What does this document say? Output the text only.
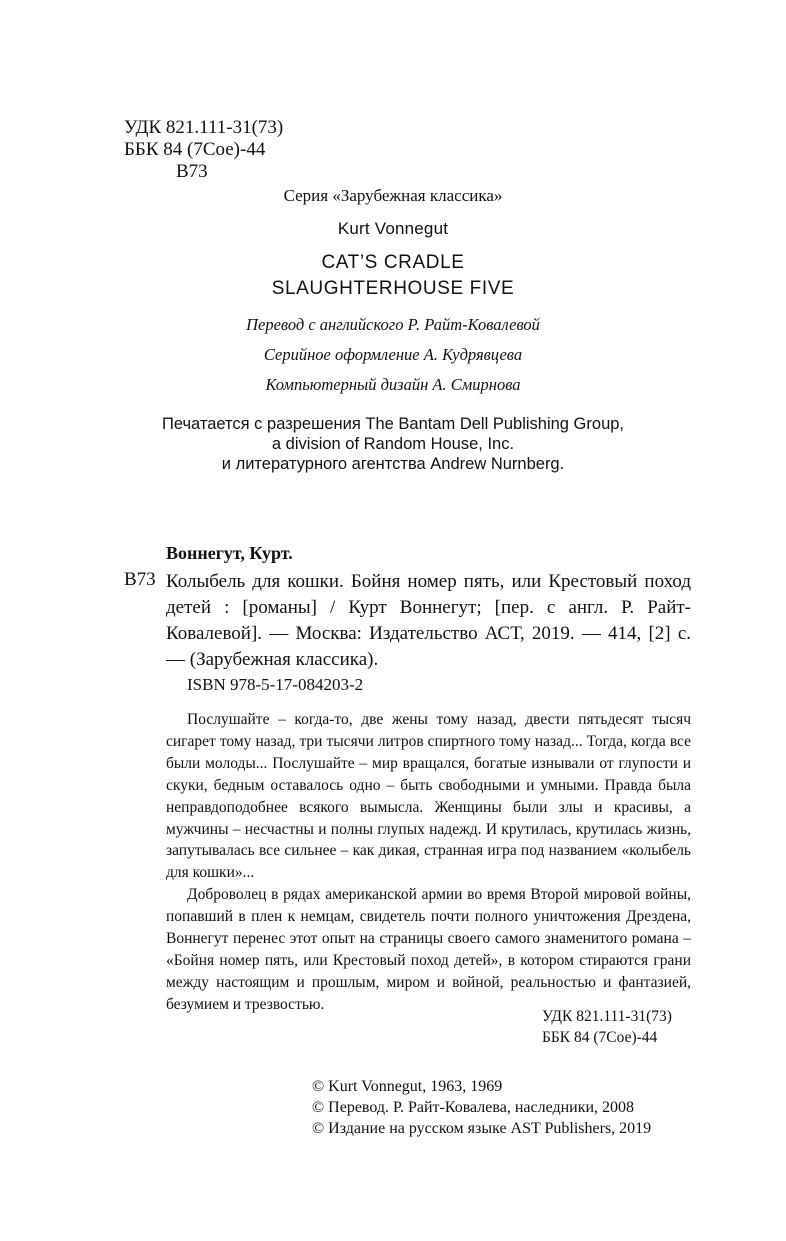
УДК 821.111-31(73)
ББК 84 (7Сое)-44
В73
Серия «Зарубежная классика»
Kurt Vonnegut
CAT’S CRADLE
SLAUGHTERHOUSE FIVE
Перевод с английского Р. Райт-Ковалевой
Серийное оформление А. Кудрявцева
Компьютерный дизайн А. Смирнова
Печатается с разрешения The Bantam Dell Publishing Group,
a division of Random House, Inc.
и литературного агентства Andrew Nurnberg.
Воннегут, Курт.
В73 Колыбель для кошки. Бойня номер пять, или Крестовый поход детей : [романы] / Курт Воннегут; [пер. с англ. Р. Райт-Ковалевой]. — Москва: Издательство АСТ, 2019. — 414, [2] с. — (Зарубежная классика).
ISBN 978-5-17-084203-2

Послушайте – когда-то, две жены тому назад, двести пятьдесят тысяч сигарет тому назад, три тысячи литров спиртного тому назад... Тогда, когда все были молоды... Послушайте – мир вращался, богатые изнывали от глупости и скуки, бедным оставалось одно – быть свободными и умными. Правда была неправдоподобнее всякого вымысла. Женщины были злы и красивы, а мужчины – несчастны и полны глупых надежд. И крутилась, крутилась жизнь, запутывалась все сильнее – как дикая, странная игра под названием «колыбель для кошки»...

Доброволец в рядах американской армии во время Второй мировой войны, попавший в плен к немцам, свидетель почти полного уничтожения Дрездена, Воннегут перенес этот опыт на страницы своего самого знаменитого романа – «Бойня номер пять, или Крестовый поход детей», в котором стираются грани между настоящим и прошлым, миром и войной, реальностью и фантазией, безумием и трезвостью.

УДК 821.111-31(73)
ББК 84 (7Сое)-44
© Kurt Vonnegut, 1963, 1969
© Перевод. Р. Райт-Ковалева, наследники, 2008
© Издание на русском языке AST Publishers, 2019
